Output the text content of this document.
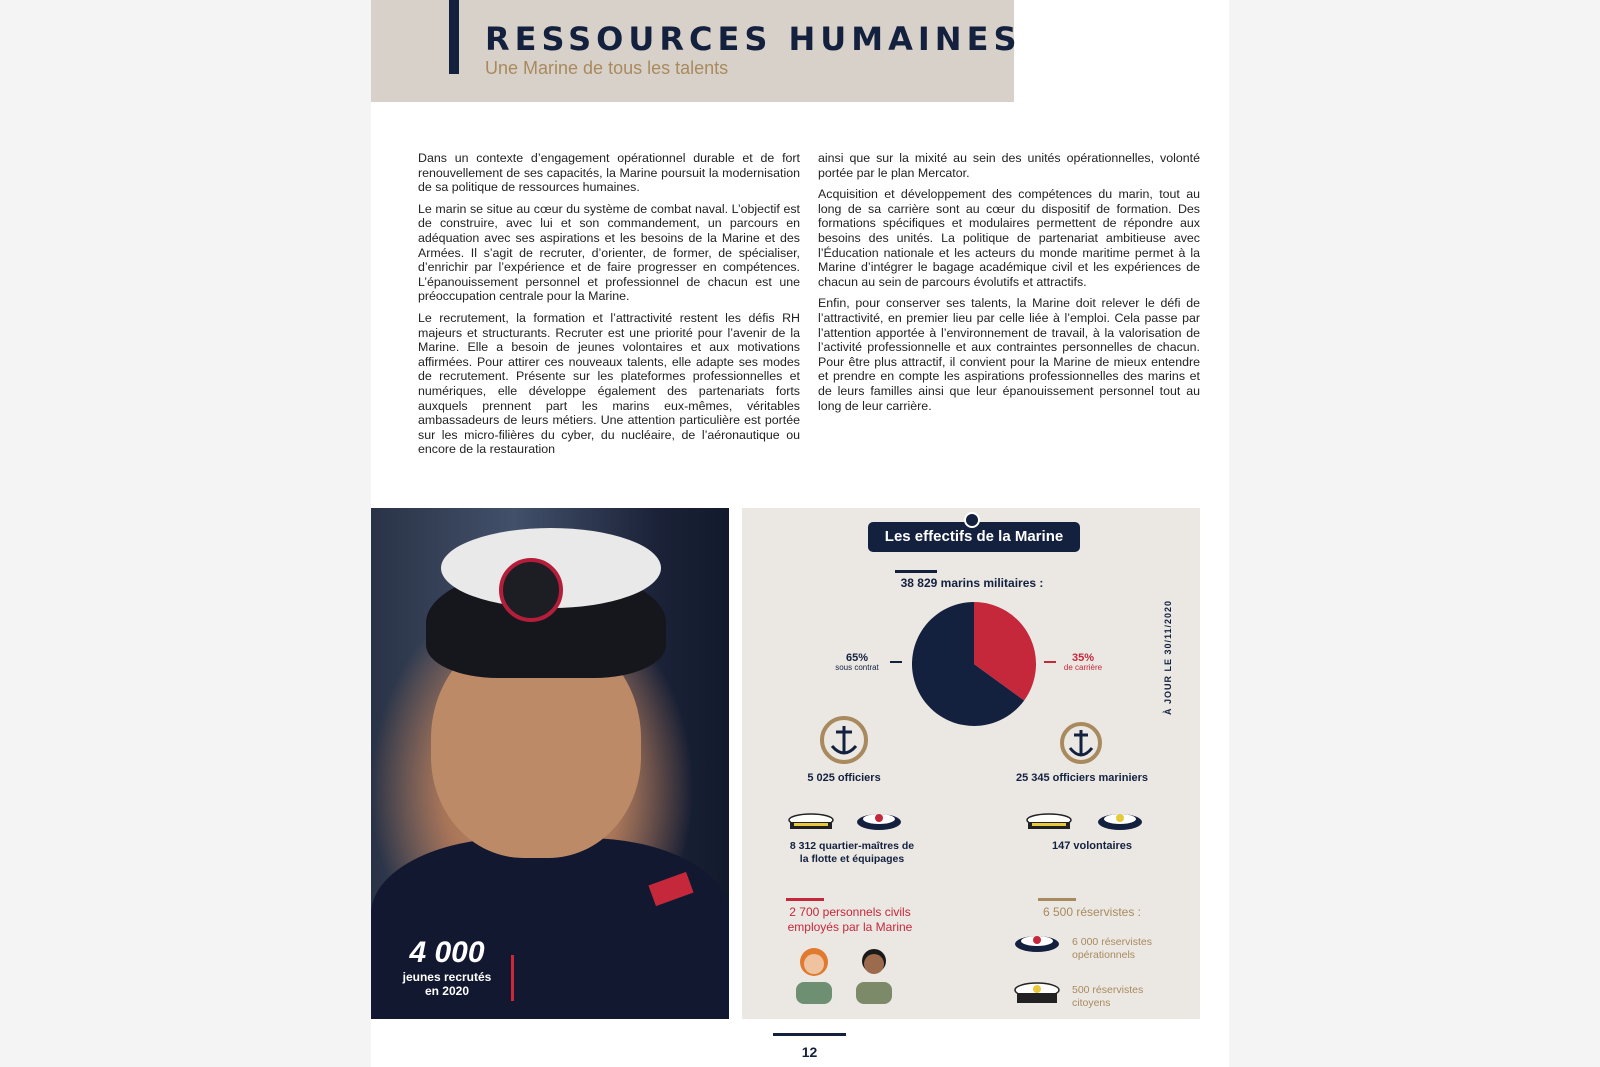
RESSOURCES HUMAINES
Une Marine de tous les talents

Dans un contexte d’engagement opérationnel durable et de fort renouvellement de ses capacités, la Marine poursuit la modernisation de sa politique de ressources humaines.

Le marin se situe au cœur du système de combat naval. L’objectif est de construire, avec lui et son commandement, un parcours en adéquation avec ses aspirations et les besoins de la Marine et des Armées. Il s’agit de recruter, d’orienter, de former, de spécialiser, d’enrichir par l’expérience et de faire progresser en compétences. L’épanouissement personnel et professionnel de chacun est une préoccupation centrale pour la Marine.

Le recrutement, la formation et l’attractivité restent les défis RH majeurs et structurants. Recruter est une priorité pour l’avenir de la Marine. Elle a besoin de jeunes volontaires et aux motivations affirmées. Pour attirer ces nouveaux talents, elle adapte ses modes de recrutement. Présente sur les plateformes professionnelles et numériques, elle développe également des partenariats forts auxquels prennent part les marins eux-mêmes, véritables ambassadeurs de leurs métiers. Une attention particulière est portée sur les micro-filières du cyber, du nucléaire, de l’aéronautique ou encore de la restauration

ainsi que sur la mixité au sein des unités opérationnelles, volonté portée par le plan Mercator.

Acquisition et développement des compétences du marin, tout au long de sa carrière sont au cœur du dispositif de formation. Des formations spécifiques et modulaires permettent de répondre aux besoins des unités. La politique de partenariat ambitieuse avec l’Éducation nationale et les acteurs du monde maritime permet à la Marine d’intégrer le bagage académique civil et les expériences de chacun au sein de parcours évolutifs et attractifs.

Enfin, pour conserver ses talents, la Marine doit relever le défi de l’attractivité, en premier lieu par celle liée à l’emploi. Cela passe par l’attention apportée à l’environnement de travail, à la valorisation de l’activité professionnelle et aux contraintes personnelles de chacun. Pour être plus attractif, il convient pour la Marine de mieux entendre et prendre en compte les aspirations professionnelles des marins et de leurs familles ainsi que leur épanouissement personnel tout au long de leur carrière.

4 000
jeunes recrutés
en 2020
Les effectifs de la Marine
38 829 marins militaires :
65%
sous contrat
35%
de carrière	À JOUR LE 30/11/2020
5 025 officiers	25 345 officiers mariniers
8 312 quartier-maîtres de
la flotte et équipages
147 volontaires
2 700 personnels civils
employés par la Marine
6 500 réservistes :
6 000 réservistes
opérationnels
500 réservistes
citoyens
12
